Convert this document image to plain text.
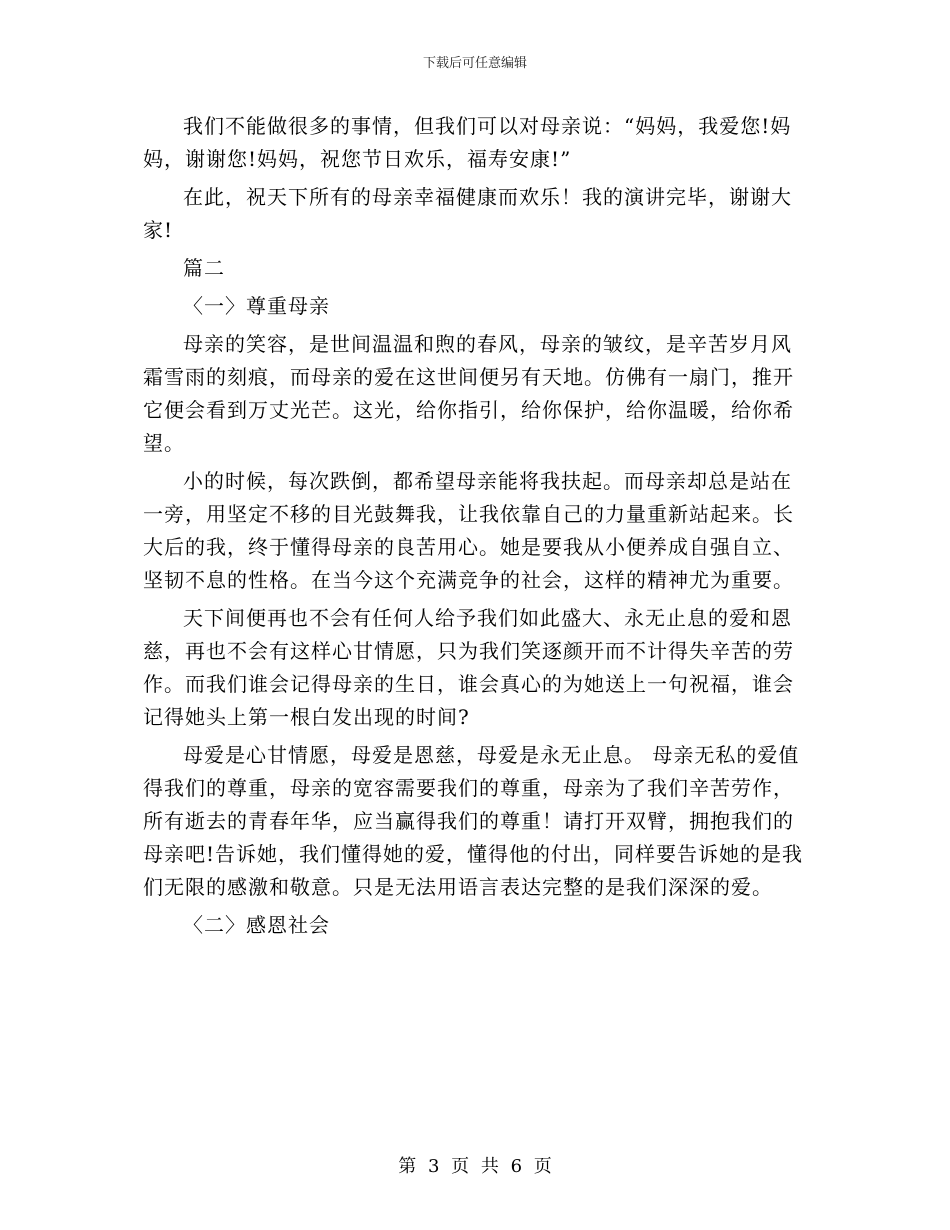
下载后可任意编辑

我们不能做很多的事情，但我们可以对母亲说：“妈妈，我爱您!妈妈，谢谢您!妈妈，祝您节日欢乐，福寿安康!”

在此，祝天下所有的母亲幸福健康而欢乐！我的演讲完毕，谢谢大家!

篇二

〈一〉尊重母亲

母亲的笑容，是世间温温和煦的春风，母亲的皱纹，是辛苦岁月风霜雪雨的刻痕，而母亲的爱在这世间便另有天地。仿佛有一扇门，推开它便会看到万丈光芒。这光，给你指引，给你保护，给你温暖，给你希望。

小的时候，每次跌倒，都希望母亲能将我扶起。而母亲却总是站在一旁，用坚定不移的目光鼓舞我，让我依靠自己的力量重新站起来。长大后的我，终于懂得母亲的良苦用心。她是要我从小便养成自强自立、坚韧不息的性格。在当今这个充满竞争的社会，这样的精神尤为重要。

天下间便再也不会有任何人给予我们如此盛大、永无止息的爱和恩慈，再也不会有这样心甘情愿，只为我们笑逐颜开而不计得失辛苦的劳作。而我们谁会记得母亲的生日，谁会真心的为她送上一句祝福，谁会记得她头上第一根白发出现的时间?

母爱是心甘情愿，母爱是恩慈，母爱是永无止息。 母亲无私的爱值得我们的尊重，母亲的宽容需要我们的尊重，母亲为了我们辛苦劳作，所有逝去的青春年华，应当赢得我们的尊重！请打开双臂，拥抱我们的母亲吧!告诉她，我们懂得她的爱，懂得他的付出，同样要告诉她的是我们无限的感激和敬意。只是无法用语言表达完整的是我们深深的爱。

〈二〉感恩社会

第 3 页 共 6 页
